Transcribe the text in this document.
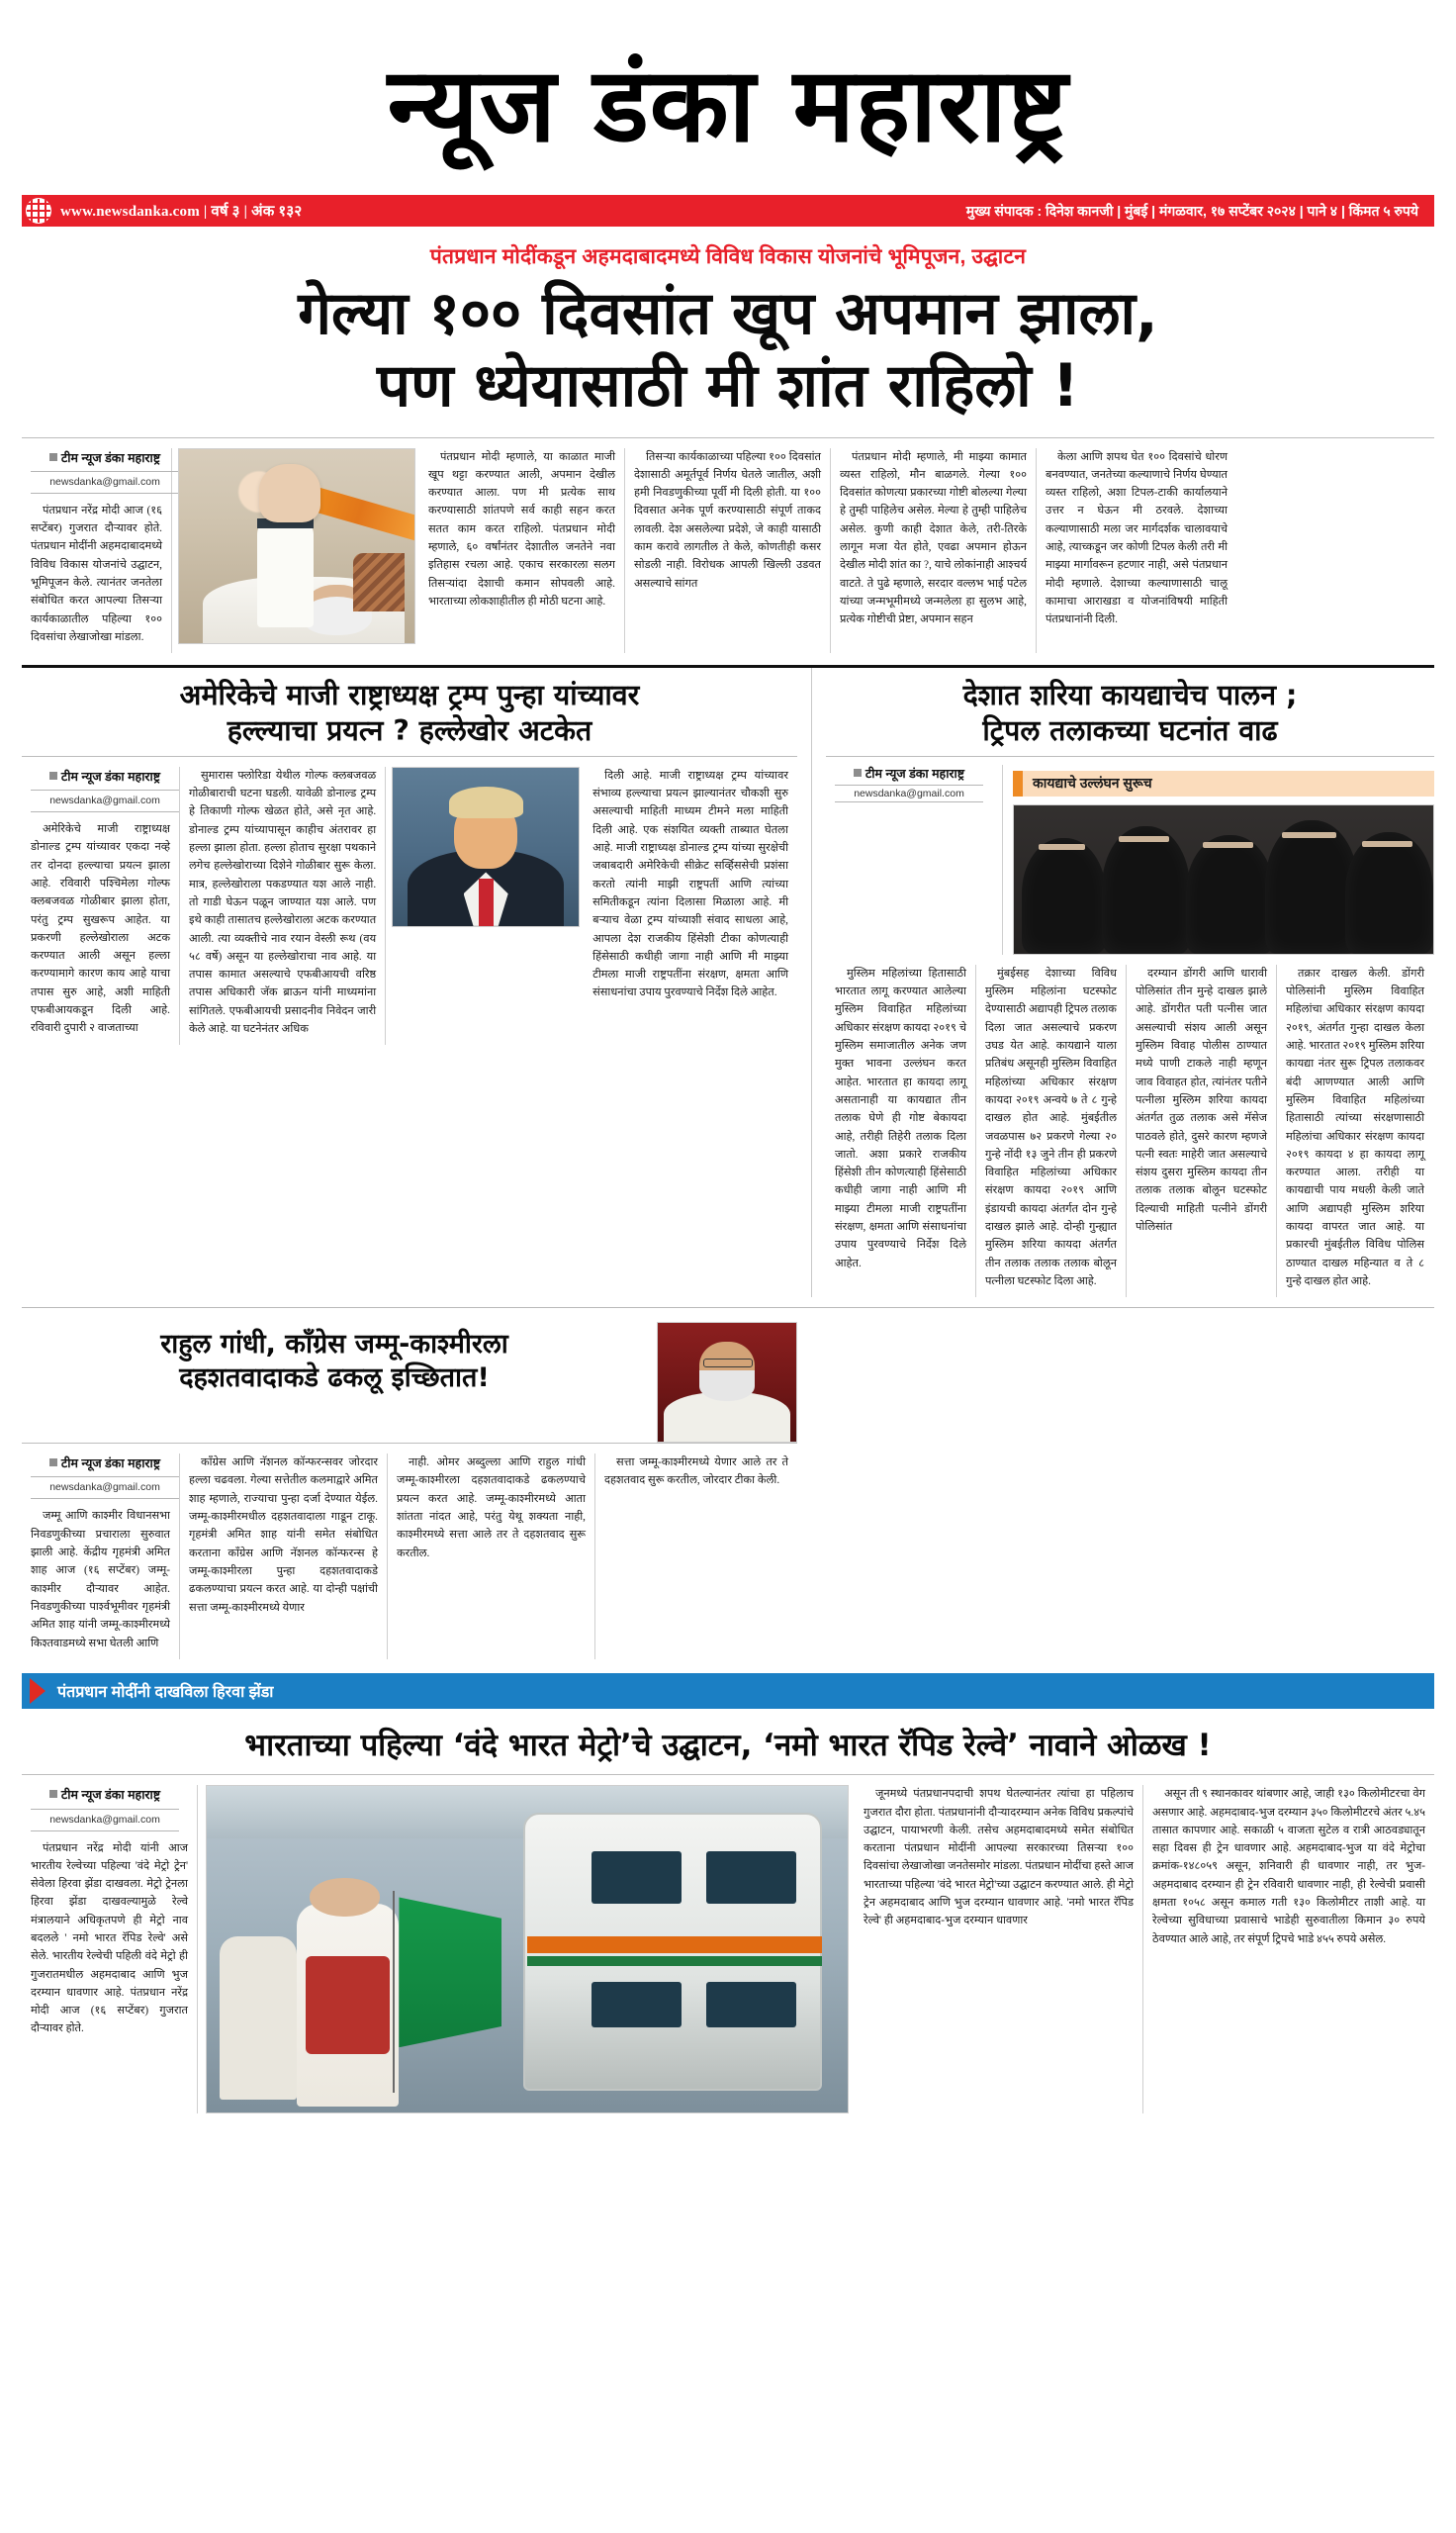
न्यूज डंका महाराष्ट्र
www.newsdanka.com | वर्ष ३ | अंक १३२	मुख्य संपादक : दिनेश कानजी | मुंबई | मंगळवार, १७ सप्टेंबर २०२४ | पाने ४ | किंमत ५ रुपये
पंतप्रधान मोदींकडून अहमदाबादमध्ये विविध विकास योजनांचे भूमिपूजन, उद्घाटन
गेल्या १०० दिवसांत खूप अपमान झाला,
पण ध्येयासाठी मी शांत राहिलो !
टीम न्यूज डंका महाराष्ट्र
newsdanka@gmail.com

पंतप्रधान नरेंद्र मोदी आज (१६ सप्टेंबर) गुजरात दौऱ्यावर होते. पंतप्रधान मोदींनी अहमदाबादमध्ये विविध विकास योजनांचे उद्घाटन, भूमिपूजन केले. त्यानंतर जनतेला संबोधित करत आपल्या तिसऱ्या कार्यकाळातील पहिल्या १०० दिवसांचा लेखाजोखा मांडला.

पंतप्रधान मोदी म्हणाले, या काळात माजी खूप थट्टा करण्यात आली, अपमान देखील करण्यात आला. पण मी प्रत्येक साथ करण्यासाठी शांतपणे सर्व काही सहन करत सतत काम करत राहिलो. पंतप्रधान मोदी म्हणाले, ६० वर्षांनंतर देशातील जनतेने नवा इतिहास रचला आहे. एकाच सरकारला सलग तिसऱ्यांदा देशाची कमान सोपवली आहे. भारताच्या लोकशाहीतील ही मोठी घटना आहे.

तिसऱ्या कार्यकाळाच्या पहिल्या १०० दिवसांत देशासाठी अमूर्तपूर्व निर्णय घेतले जातील, अशी हमी निवडणुकीच्या पूर्वी मी दिली होती. या १०० दिवसात अनेक पूर्ण करण्यासाठी संपूर्ण ताकद लावली. देश असलेल्या प्रदेशे, जे काही यासाठी काम करावे लागतील ते केले, कोणतीही कसर सोडली नाही. विरोधक आपली खिल्ली उडवत असल्याचे सांगत

पंतप्रधान मोदी म्हणाले, मी माझ्या कामात व्यस्त राहिलो, मौन बाळगले. गेल्या १०० दिवसांत कोणत्या प्रकारच्या गोष्टी बोलल्या गेल्या हे तुम्ही पाहिलेच असेल. मेल्या हे तुम्ही पाहिलेच असेल. कुणी काही देशात केले, तरी-तिरके लागून मजा येत होते, एवढा अपमान होऊन देखील मोदी शांत का ?, याचे लोकांनाही आश्चर्य वाटते. ते पुढे म्हणाले, सरदार वल्लभ भाई पटेल यांच्या जन्मभूमीमध्ये जन्मलेला हा सुलभ आहे, प्रत्येक गोष्टीची प्रेष्टा, अपमान सहन

केला आणि शपथ घेत १०० दिवसांचे धोरण बनवण्यात, जनतेच्या कल्याणाचे निर्णय घेण्यात व्यस्त राहिलो, अशा टिपल-टाकी कार्यालयाने उत्तर न घेऊन मी ठरवले. देशाच्या कल्याणासाठी मला जर मार्गदर्शक चालावयाचे आहे, त्याच्कडून जर कोणी टिपल केली तरी मी माझ्या मार्गावरून हटणार नाही, असे पंतप्रधान मोदी म्हणाले. देशाच्या कल्याणासाठी चालू कामाचा आराखडा व योजनांविषयी माहिती पंतप्रधानांनी दिली.

अमेरिकेचे माजी राष्ट्राध्यक्ष ट्रम्प पुन्हा यांच्यावर
हल्ल्याचा प्रयत्न ? हल्लेखोर अटकेत
टीम न्यूज डंका महाराष्ट्र
newsdanka@gmail.com

अमेरिकेचे माजी राष्ट्राध्यक्ष डोनाल्ड ट्रम्प यांच्यावर एकदा नव्हे तर दोनदा हल्ल्याचा प्रयत्न झाला आहे. रविवारी पश्चिमेला गोल्फ क्लबजवळ गोळीबार झाला होता, परंतु ट्रम्प सुखरूप आहेत. या प्रकरणी हल्लेखोराला अटक करण्यात आली असून हल्ला करण्यामागे कारण काय आहे याचा तपास सुरु आहे, अशी माहिती एफबीआयकडून दिली आहे. रविवारी दुपारी २ वाजताच्या

सुमारास फ्लोरिडा येथील गोल्फ क्लबजवळ गोळीबाराची घटना घडली. यावेळी डोनाल्ड ट्रम्प हे तिकाणी गोल्फ खेळत होते, असे नृत आहे. डोनाल्ड ट्रम्प यांच्यापासून काहीच अंतरावर हा हल्ला झाला होता. हल्ला होताच सुरक्षा पथकाने लगेच हल्लेखोराच्या दिशेने गोळीबार सुरू केला. मात्र, हल्लेखोराला पकडण्यात यश आले नाही. तो गाडी घेऊन पळून जाण्यात यश आले. पण इथे काही तासातच हल्लेखोराला अटक करण्यात आली. त्या व्यक्तीचे नाव रयान वेस्ली रूथ (वय ५८ वर्षे) असून या हल्लेखोराचा नाव आहे. या तपास कामात असल्याचे एफबीआयची वरिष्ठ तपास अधिकारी जॅक ब्राऊन यांनी माध्यमांना सांगितले. एफबीआयची प्रसादनीव निवेदन जारी केले आहे. या घटनेनंतर अधिक

दिली आहे. माजी राष्ट्राध्यक्ष ट्रम्प यांच्यावर संभाव्य हल्ल्याचा प्रयत्न झाल्यानंतर चौकशी सुरु असल्याची माहिती माध्यम टीमने मला माहिती दिली आहे. एक संशयित व्यक्ती ताब्यात घेतला आहे. माजी राष्ट्राध्यक्ष डोनाल्ड ट्रम्प यांच्या सुरक्षेची जबाबदारी अमेरिकेची सीक्रेट सर्व्हिससेची प्रशंसा करतो त्यांनी माझी राष्ट्रपतीं आणि त्यांच्या समितीकडून त्यांना दिलासा मिळाला आहे. मी बऱ्याच वेळा ट्रम्प यांच्याशी संवाद साधला आहे, आपला देश राजकीय हिंसेशी टीका कोणत्याही हिंसेसाठी कधीही जागा नाही आणि मी माझ्या टीमला माजी राष्ट्रपतींना संरक्षण, क्षमता आणि संसाधनांचा उपाय पुरवण्याचे निर्देश दिले आहेत.

देशात शरिया कायद्याचेच पालन ;
ट्रिपल तलाकच्या घटनांत वाढ
टीम न्यूज डंका महाराष्ट्र
newsdanka@gmail.com
कायद्याचे उल्लंघन सुरूच

मुस्लिम महिलांच्या हितासाठी भारतात लागू करण्यात आलेल्या मुस्लिम विवाहित महिलांच्या अधिकार संरक्षण कायदा २०१९ चे मुस्लिम समाजातील अनेक जण मुक्त भावना उल्लंघन करत आहेत. भारतात हा कायदा लागू असतानाही या कायद्यात तीन तलाक घेणे ही गोष्ट बेकायदा आहे, तरीही तिहेरी तलाक दिला जातो. अशा प्रकारे राजकीय हिंसेशी तीन कोणत्याही हिंसेसाठी कधीही जागा नाही आणि मी माझ्या टीमला माजी राष्ट्रपतींना संरक्षण, क्षमता आणि संसाधनांचा उपाय पुरवण्याचे निर्देश दिले आहेत.

मुंबईसह देशाच्या विविध मुस्लिम महिलांना घटस्फोट देण्यासाठी अद्यापही ट्रिपल तलाक दिला जात असल्याचे प्रकरण उघड येत आहे. कायद्याने याला प्रतिबंध असूनही मुस्लिम विवाहित महिलांच्या अधिकार संरक्षण कायदा २०१९ अन्वये ७ ते ८ गुन्हे दाखल होत आहे. मुंबईतील जवळपास ७२ प्रकरणे गेल्या २० गुन्हे नोंदी १३ जुने तीन ही प्रकरणे विवाहित महिलांच्या अधिकार संरक्षण कायदा २०१९ आणि इंडायची कायदा अंतर्गत दोन गुन्हे दाखल झाले आहे. दोन्ही गुन्ह्यात मुस्लिम शरिया कायदा अंतर्गत तीन तलाक तलाक तलाक बोलून पत्नीला घटस्फोट दिला आहे.

दरम्यान डोंगरी आणि धारावी पोलिसांत तीन मुन्हे दाखल झाले आहे. डोंगरीत पती पत्नीस जात असल्याची संशय आली असून मुस्लिम विवाह पोलीस ठाण्यात मध्ये पाणी टाकले नाही म्हणून जाव विवाहत होत, त्यांनंतर पतीने पत्नीला मुस्लिम शरिया कायदा अंतर्गत तुळ तलाक असे मॅसेज पाठवले होते, दुसरे कारण म्हणजे पत्नी स्वतः माहेरी जात असल्याचे संशय दुसरा मुस्लिम कायदा तीन तलाक तलाक बोलून घटस्फोट दिल्याची माहिती पत्नीने डोंगरी पोलिसांत

तक्रार दाखल केली. डोंगरी पोलिसांनी मुस्लिम विवाहित महिलांचा अधिकार संरक्षण कायदा २०१९, अंतर्गत गुन्हा दाखल केला आहे. भारतात २०१९ मुस्लिम शरिया कायद्या नंतर सुरू ट्रिपल तलाकवर बंदी आणण्यात आली आणि मुस्लिम विवाहित महिलांच्या हितासाठी त्यांच्या संरक्षणासाठी महिलांचा अधिकार संरक्षण कायदा २०१९ कायदा ४ हा कायदा लागू करण्यात आला. तरीही या कायद्याची पाय मधली केली जाते आणि अद्यापही मुस्लिम शरिया कायदा वापरत जात आहे. या प्रकारची मुंबईतील विविध पोलिस ठाण्यात दाखल महिन्यात व ते ८ गुन्हे दाखल होत आहे.

राहुल गांधी, काँग्रेस जम्मू-काश्मीरला
दहशतवादाकडे ढकलू इच्छितात!
टीम न्यूज डंका महाराष्ट्र
newsdanka@gmail.com

जम्मू आणि काश्मीर विधानसभा निवडणुकीच्या प्रचाराला सुरुवात झाली आहे. केंद्रीय गृहमंत्री अमित शाह आज (१६ सप्टेंबर) जम्मू-काश्मीर दौऱ्यावर आहेत. निवडणुकीच्या पार्श्वभूमीवर गृहमंत्री अमित शाह यांनी जम्मू-काश्मीरमध्ये किश्तवाडमध्ये सभा घेतली आणि

काँग्रेस आणि नॅशनल कॉन्फरन्सवर जोरदार हल्ला चढवला. गेल्या सत्तेतील कलमाद्वारे अमित शाह म्हणाले, राज्याचा पुन्हा दर्जा देण्यात येईल. जम्मू-काश्मीरमधील दहशतवादाला गाडून टाकू. गृहमंत्री अमित शाह यांनी समेत संबोधित करताना काँग्रेस आणि नॅशनल कॉन्फरन्स हे जम्मू-काश्मीरला पुन्हा दहशतवादाकडे ढकलण्याचा प्रयत्न करत आहे. या दोन्ही पक्षांची सत्ता जम्मू-काश्मीरमध्ये येणार

नाही. ओमर अब्दुल्ला आणि राहुल गांधी जम्मू-काश्मीरला दहशतवादाकडे ढकलण्याचे प्रयत्न करत आहे. जम्मू-काश्मीरमध्ये आता शांतता नांदत आहे, परंतु येथू शक्यता नाही, काश्मीरमध्ये सत्ता आले तर ते दहशतवाद सुरू करतील.

सत्ता जम्मू-काश्मीरमध्ये येणार आले तर ते दहशतवाद सुरू करतील, जोरदार टीका केली.

पंतप्रधान मोदींनी दाखविला हिरवा झेंडा
भारताच्या पहिल्या ‘वंदे भारत मेट्रो’चे उद्घाटन, ‘नमो भारत रॅपिड रेल्वे’ नावाने ओळख !
टीम न्यूज डंका महाराष्ट्र
newsdanka@gmail.com

पंतप्रधान नरेंद्र मोदी यांनी आज भारतीय रेल्वेच्या पहिल्या 'वंदे मेट्रो ट्रेन' सेवेला हिरवा झेंडा दाखवला. मेट्रो ट्रेनला हिरवा झेंडा दाखवल्यामुळे रेल्वे मंत्रालयाने अधिकृतपणे ही मेट्रो नाव बदलले ' नमो भारत रॅपिड रेल्वे' असे सेले. भारतीय रेल्वेची पहिली वंदे मेट्रो ही गुजरातमधील अहमदाबाद आणि भुज दरम्यान धावणार आहे. पंतप्रधान नरेंद्र मोदी आज (१६ सप्टेंबर) गुजरात दौऱ्यावर होते.

जूनमध्ये पंतप्रधानपदाची शपथ घेतल्यानंतर त्यांचा हा पहिलाच गुजरात दौरा होता. पंतप्रधानांनी दौऱ्यादरम्यान अनेक विविध प्रकल्पांचे उद्घाटन, पायाभरणी केली. तसेच अहमदाबादमध्ये समेत संबोधित करताना पंतप्रधान मोदींनी आपल्या सरकारच्या तिसऱ्या १०० दिवसांचा लेखाजोखा जनतेसमोर मांडला. पंतप्रधान मोदींचा हस्ते आज भारताच्या पहिल्या 'वंदे भारत मेट्रो'च्या उद्घाटन करण्यात आले. ही मेट्रो ट्रेन अहमदाबाद आणि भुज दरम्यान धावणार आहे. 'नमो भारत रॅपिड रेल्वे' ही अहमदाबाद-भुज दरम्यान धावणार

असून ती ९ स्थानकावर थांबणार आहे, जाही १३० किलोमीटरचा वेग असणार आहे. अहमदाबाद-भुज दरम्यान ३५० किलोमीटरचे अंतर ५.४५ तासात कापणार आहे. सकाळी ५ वाजता सुटेल व रात्री आठवड्यातून सहा दिवस ही ट्रेन धावणार आहे. अहमदाबाद-भुज या वंदे मेट्रोचा क्रमांक-१४८०५९ असून, शनिवारी ही धावणार नाही, तर भुज-अहमदाबाद दरम्यान ही ट्रेन रविवारी धावणार नाही, ही रेल्वेची प्रवासी क्षमता १०५८ असून कमाल गती १३० किलोमीटर ताशी आहे. या रेल्वेच्या सुविधाच्या प्रवासाचे भाडेही सुरुवातीला किमान ३० रुपये ठेवण्यात आले आहे, तर संपूर्ण ट्रिपचे भाडे ४५५ रुपये असेल.
